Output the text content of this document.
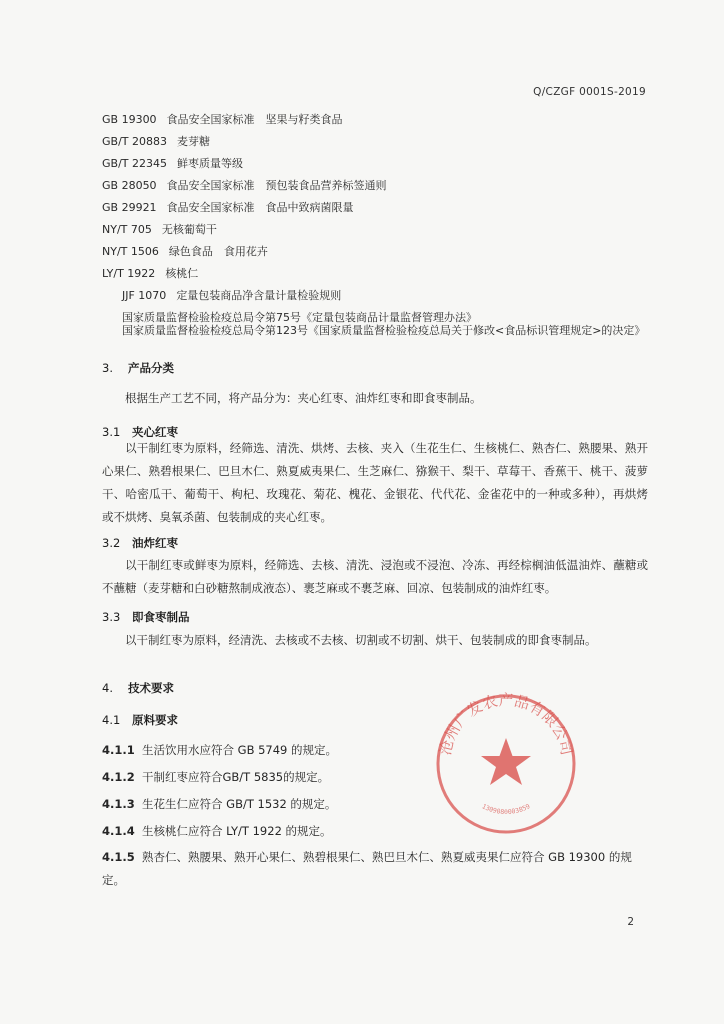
Q/CZGF 0001S-2019
GB 19300 食品安全国家标准　坚果与籽类食品
GB/T 20883 麦芽糖
GB/T 22345 鲜枣质量等级
GB 28050 食品安全国家标准　预包装食品营养标签通则
GB 29921 食品安全国家标准　食品中致病菌限量
NY/T 705 无核葡萄干
NY/T 1506 绿色食品　食用花卉
LY/T 1922 核桃仁
JJF 1070 定量包装商品净含量计量检验规则
国家质量监督检验检疫总局令第75号《定量包装商品计量监督管理办法》
国家质量监督检验检疫总局令第123号《国家质量监督检验检疫总局关于修改<食品标识管理规定>的决定》
3. 产品分类
根据生产工艺不同，将产品分为：夹心红枣、油炸红枣和即食枣制品。
3.1 夹心红枣
以干制红枣为原料，经筛选、清洗、烘烤、去核、夹入（生花生仁、生核桃仁、熟杏仁、熟腰果、熟开心果仁、熟碧根果仁、巴旦木仁、熟夏威夷果仁、生芝麻仁、猕猴干、梨干、草莓干、香蕉干、桃干、菠萝干、哈密瓜干、葡萄干、枸杞、玫瑰花、菊花、槐花、金银花、代代花、金雀花中的一种或多种），再烘烤或不烘烤、臭氧杀菌、包装制成的夹心红枣。
3.2 油炸红枣
以干制红枣或鲜枣为原料，经筛选、去核、清洗、浸泡或不浸泡、冷冻、再经棕榈油低温油炸、蘸糖或不蘸糖（麦芽糖和白砂糖熬制成液态）、裹芝麻或不裹芝麻、回凉、包装制成的油炸红枣。
3.3 即食枣制品
以干制红枣为原料，经清洗、去核或不去核、切割或不切割、烘干、包装制成的即食枣制品。
4. 技术要求
4.1 原料要求
4.1.1 生活饮用水应符合 GB 5749 的规定。
4.1.2 干制红枣应符合GB/T 5835的规定。
4.1.3 生花生仁应符合 GB/T 1532 的规定。
4.1.4 生核桃仁应符合 LY/T 1922 的规定。
4.1.5 熟杏仁、熟腰果、熟开心果仁、熟碧根果仁、熟巴旦木仁、熟夏威夷果仁应符合 GB 19300 的规定。
沧州广发农产品有限公司
1309080003859
2
